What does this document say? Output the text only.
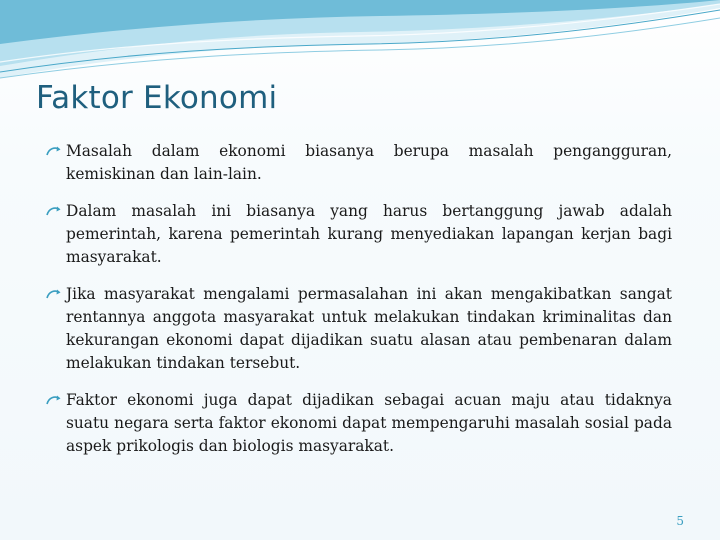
Faktor Ekonomi
Masalah dalam ekonomi biasanya berupa masalah pengangguran, kemiskinan dan lain-lain.
Dalam masalah ini biasanya yang harus bertanggung jawab adalah pemerintah, karena pemerintah kurang menyediakan lapangan kerjan bagi masyarakat.
Jika masyarakat mengalami permasalahan ini akan mengakibatkan sangat rentannya anggota masyarakat untuk melakukan tindakan kriminalitas dan kekurangan ekonomi dapat dijadikan suatu alasan atau pembenaran dalam melakukan tindakan tersebut.
Faktor ekonomi juga dapat dijadikan sebagai acuan maju atau tidaknya suatu negara serta faktor ekonomi dapat mempengaruhi masalah sosial pada aspek prikologis dan biologis masyarakat.
5
